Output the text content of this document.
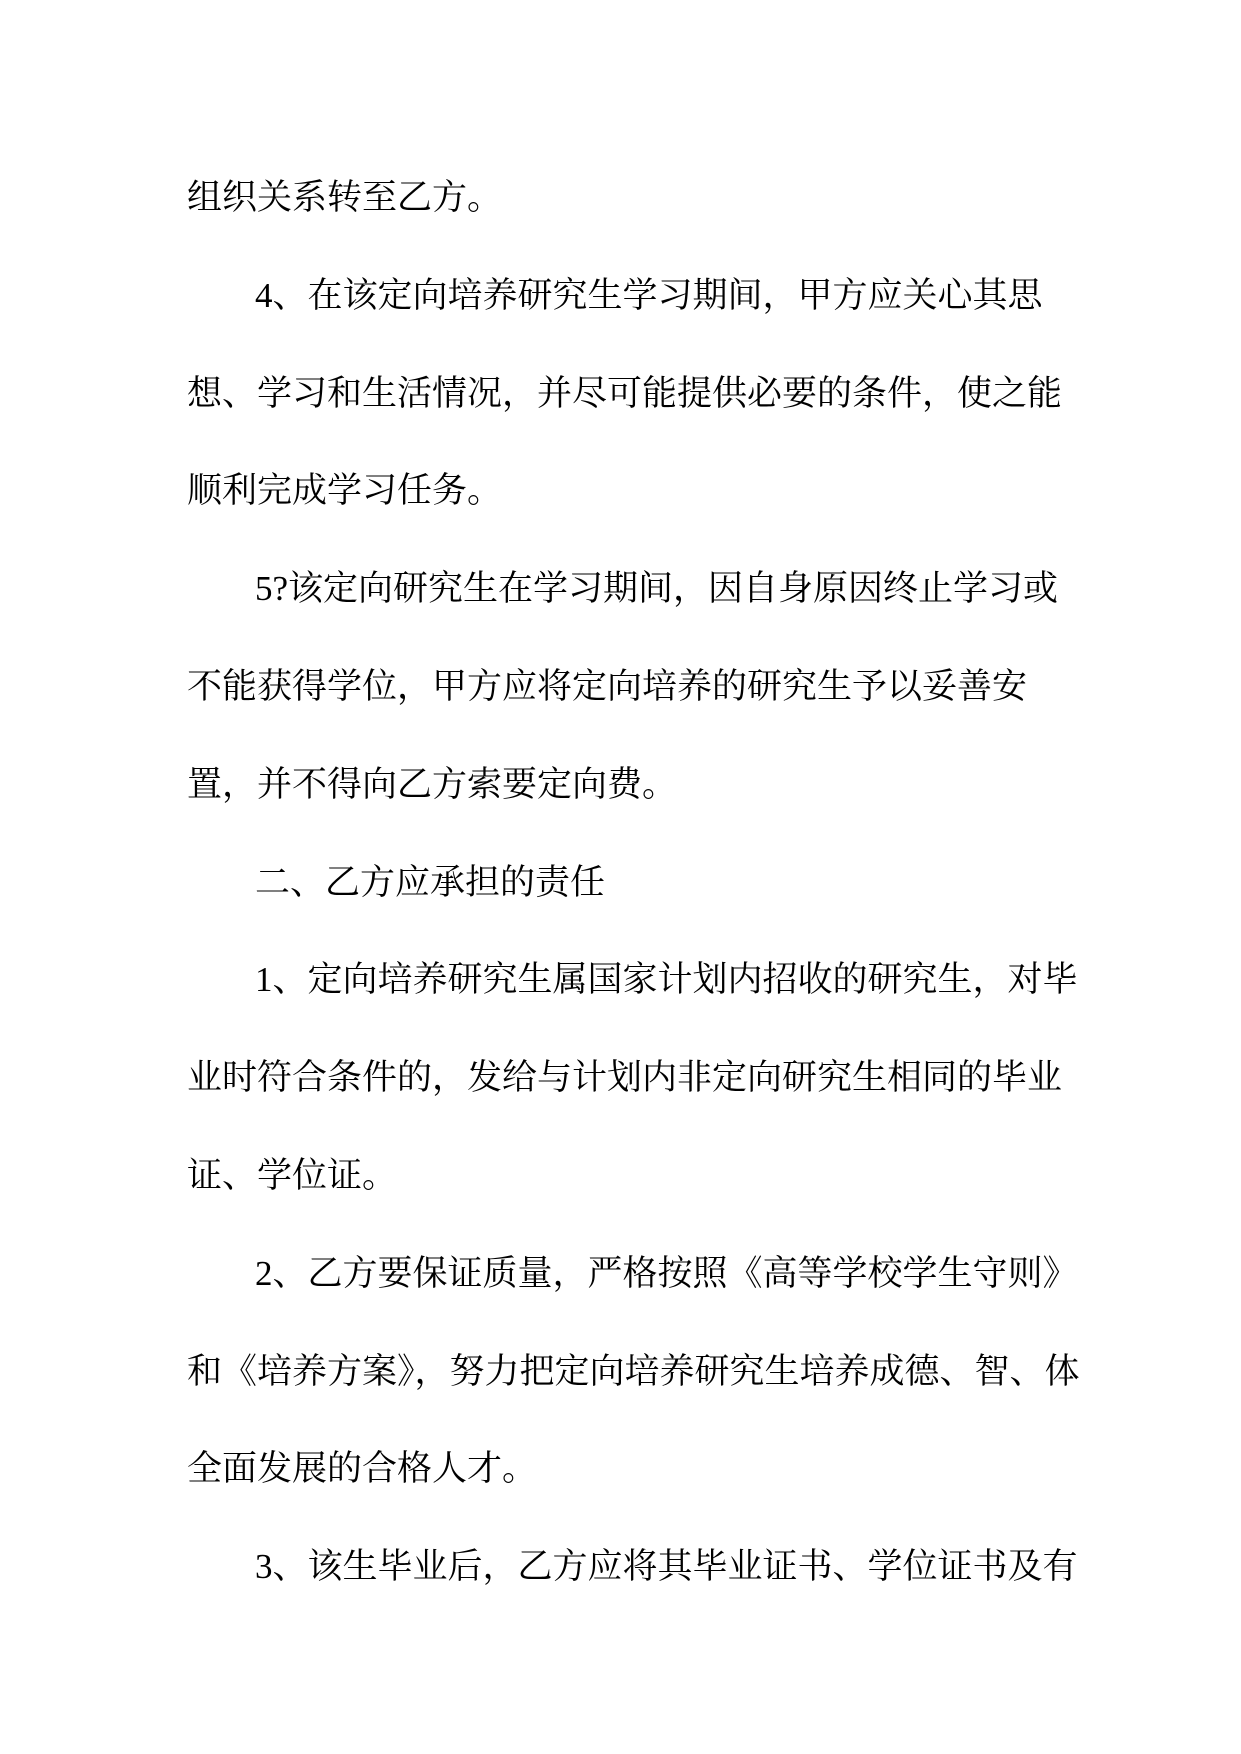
组织关系转至乙方。
4、在该定向培养研究生学习期间，甲方应关心其思
想、学习和生活情况，并尽可能提供必要的条件，使之能
顺利完成学习任务。
5?该定向研究生在学习期间，因自身原因终止学习或
不能获得学位，甲方应将定向培养的研究生予以妥善安
置，并不得向乙方索要定向费。
二、乙方应承担的责任
1、定向培养研究生属国家计划内招收的研究生，对毕
业时符合条件的，发给与计划内非定向研究生相同的毕业
证、学位证。
2、乙方要保证质量，严格按照《高等学校学生守则》
和《培养方案》，努力把定向培养研究生培养成德、智、体
全面发展的合格人才。
3、该生毕业后，乙方应将其毕业证书、学位证书及有
